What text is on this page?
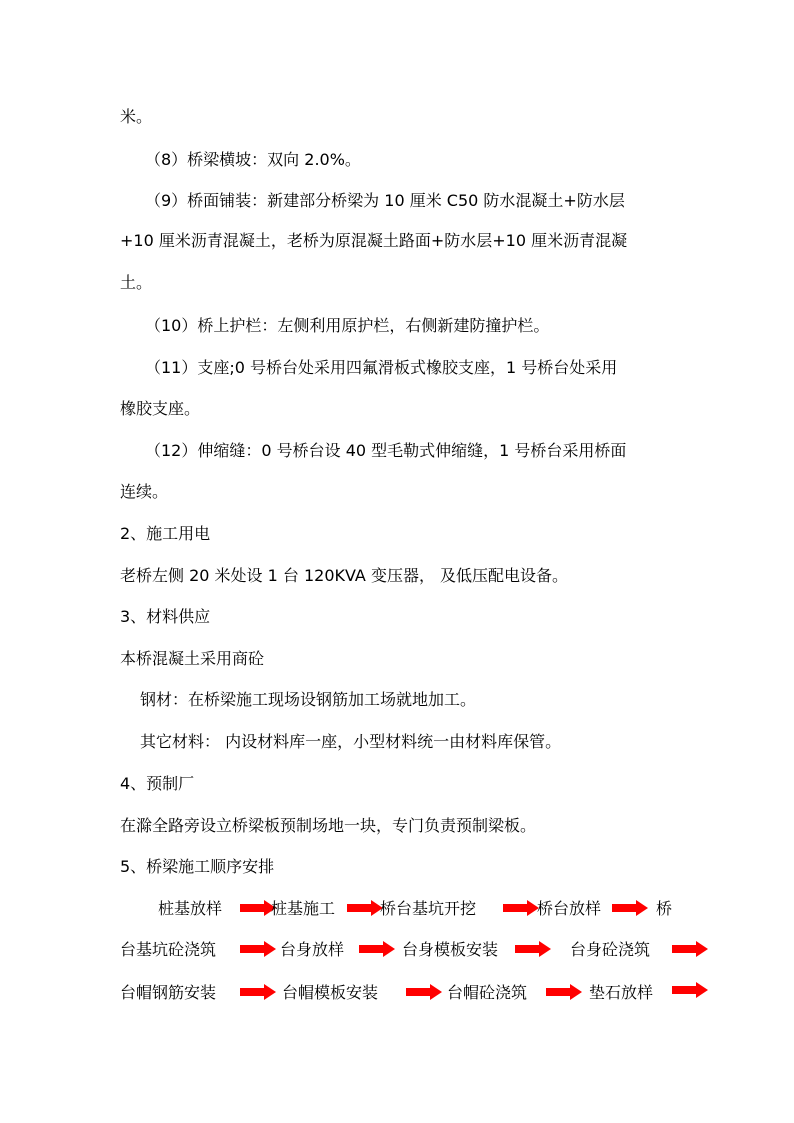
米。
（8）桥梁横坡：双向 2.0%。
（9）桥面铺装：新建部分桥梁为 10 厘米 C50 防水混凝土+防水层
+10 厘米沥青混凝土，老桥为原混凝土路面+防水层+10 厘米沥青混凝
土。
（10）桥上护栏：左侧利用原护栏，右侧新建防撞护栏。
（11）支座;0 号桥台处采用四氟滑板式橡胶支座，1 号桥台处采用
橡胶支座。
（12）伸缩缝：0 号桥台设 40 型毛勒式伸缩缝，1 号桥台采用桥面
连续。
2、施工用电
老桥左侧 20 米处设 1 台 120KVA 变压器， 及低压配电设备。
3、材料供应
本桥混凝土采用商砼
钢材：在桥梁施工现场设钢筋加工场就地加工。
其它材料： 内设材料库一座，小型材料统一由材料库保管。
4、预制厂
在滁全路旁设立桥梁板预制场地一块，专门负责预制梁板。
5、桥梁施工顺序安排
桩基放样	桩基施工	桥台基坑开挖	桥台放样	桥
台基坑砼浇筑	台身放样	台身模板安装	台身砼浇筑
台帽钢筋安装	台帽模板安装	台帽砼浇筑	垫石放样
